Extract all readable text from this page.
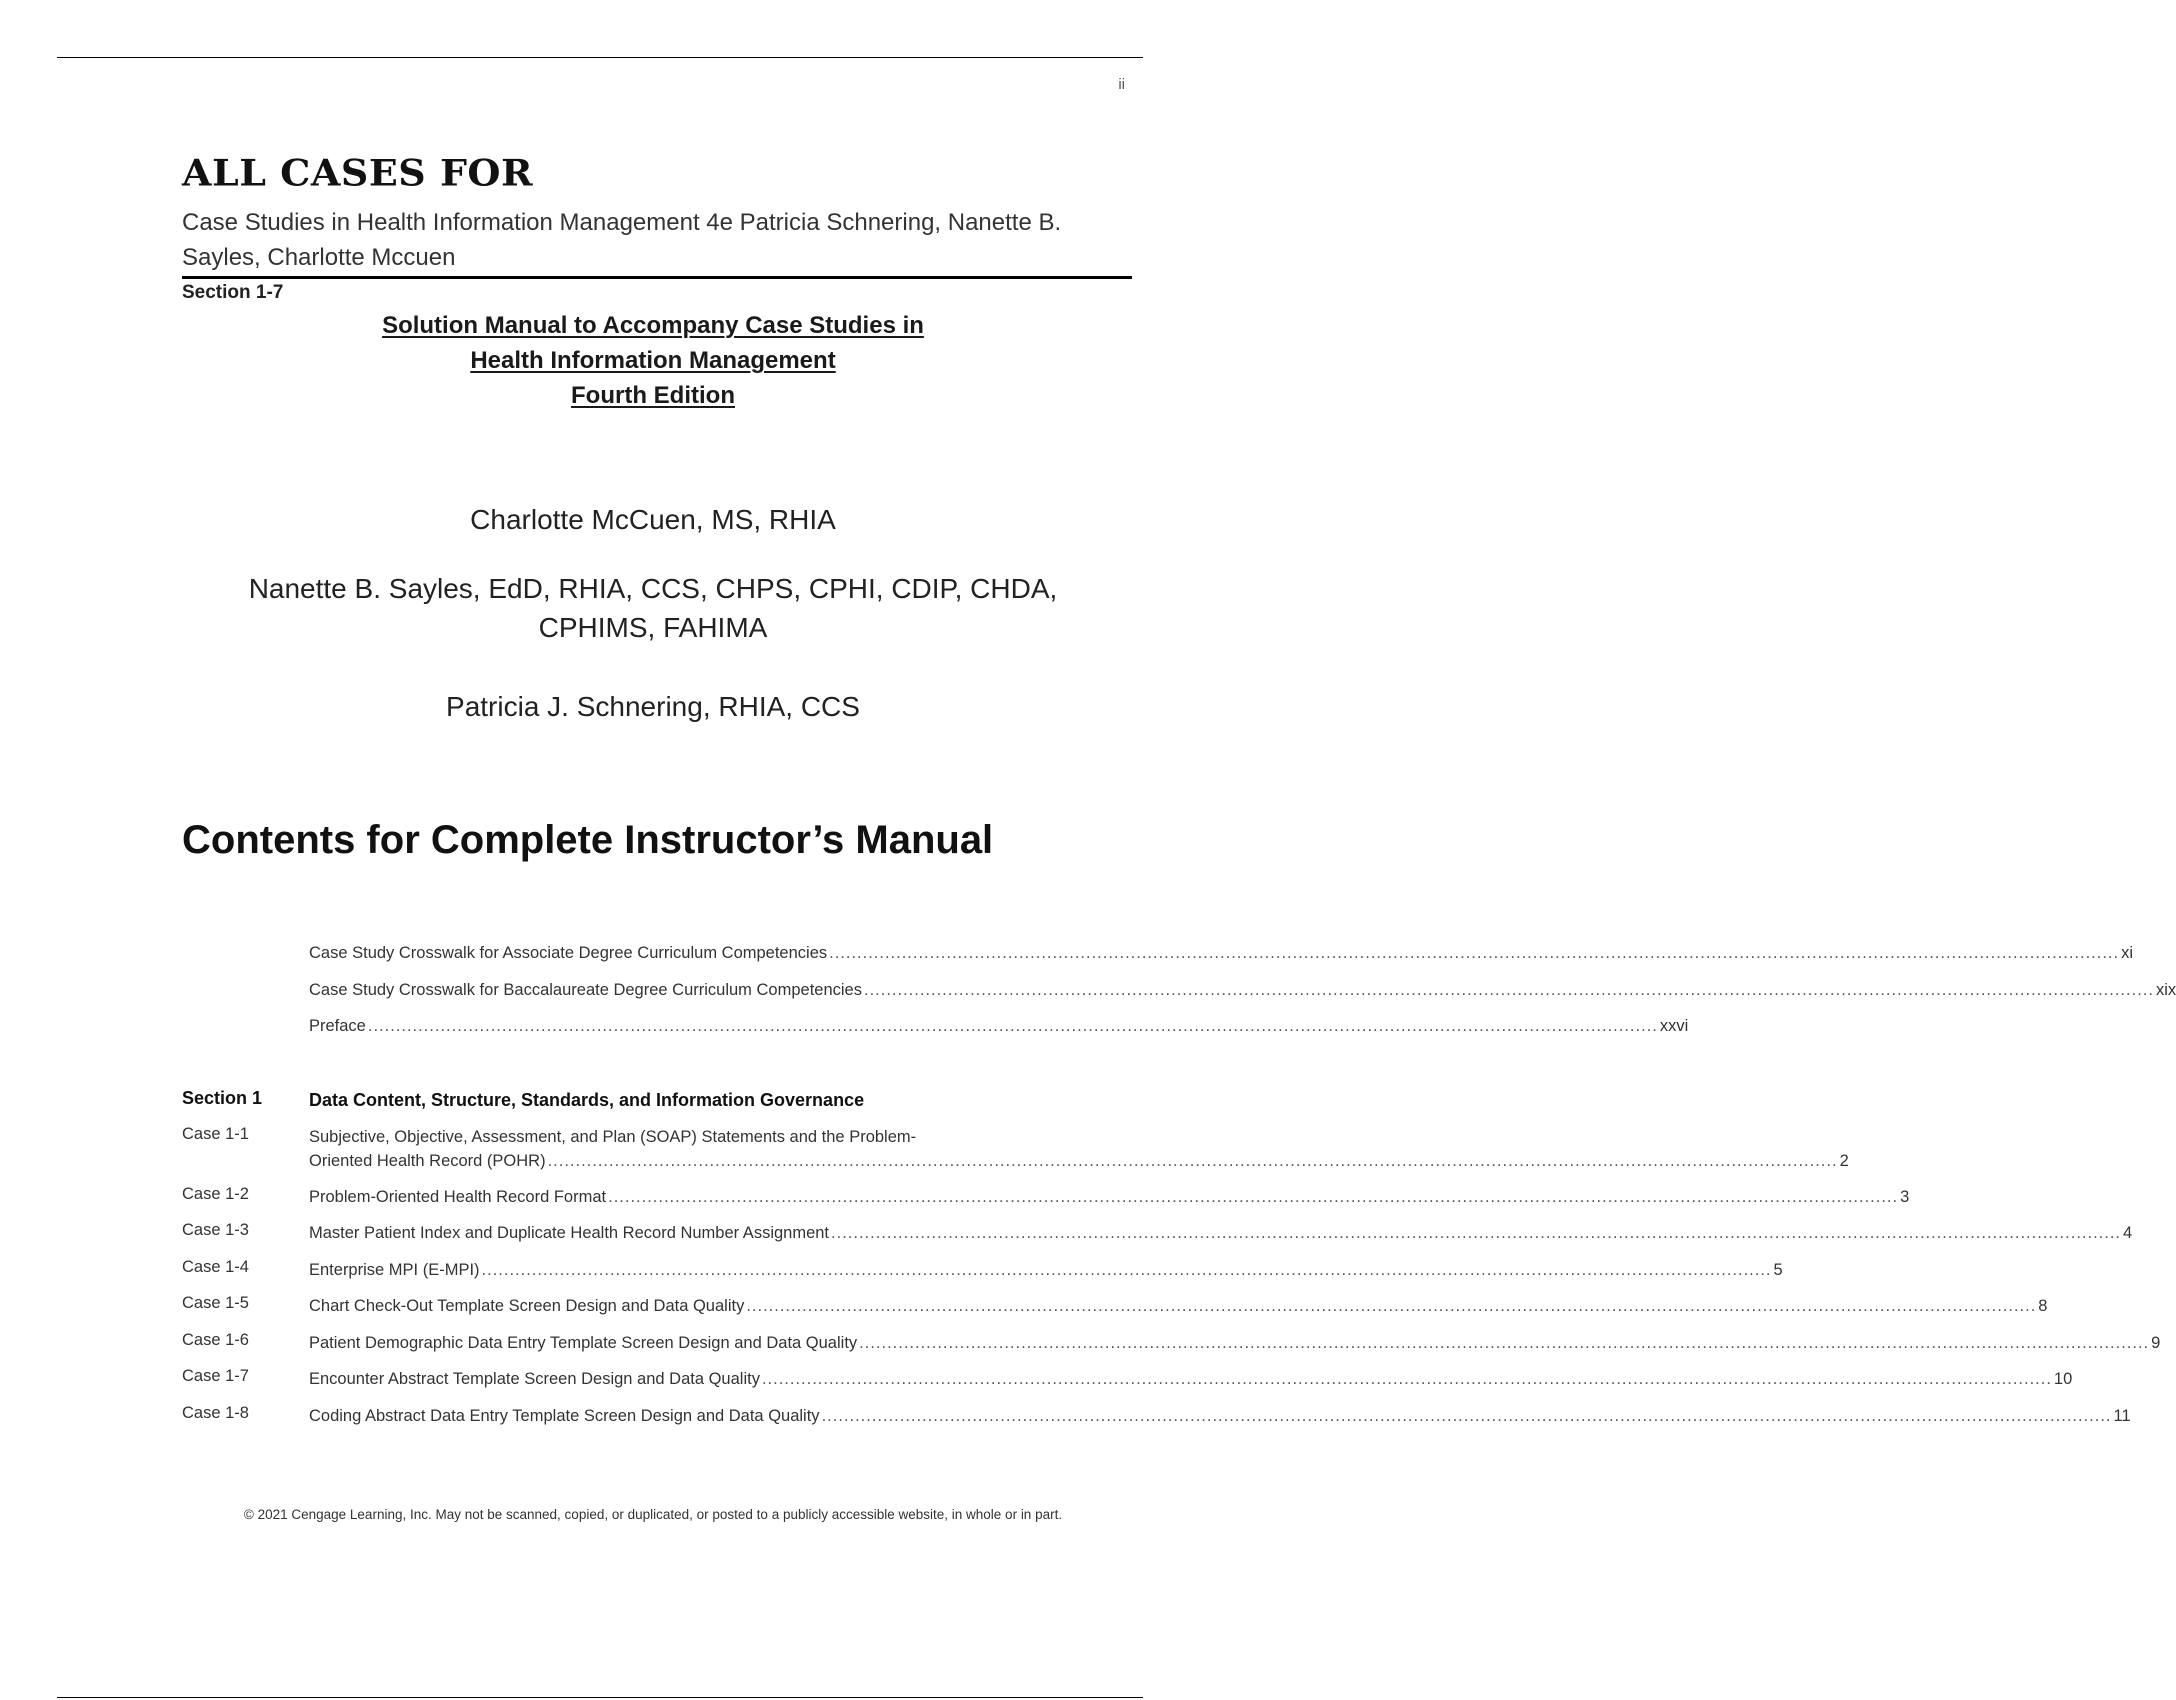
ii
ALL CASES FOR
Case Studies in Health Information Management 4e Patricia Schnering, Nanette B. Sayles, Charlotte Mccuen
Section 1-7
Solution Manual to Accompany Case Studies in
Health Information Management
Fourth Edition
Charlotte McCuen, MS, RHIA
Nanette B. Sayles, EdD, RHIA, CCS, CHPS, CPHI, CDIP, CHDA, CPHIMS, FAHIMA
Patricia J. Schnering, RHIA, CCS
Contents for Complete Instructor’s Manual
Case Study Crosswalk for Associate Degree Curriculum Competencies .....	xi
Case Study Crosswalk for Baccalaureate Degree Curriculum Competencies .....	xix
Preface .....	xxvi
Section 1	Data Content, Structure, Standards, and Information Governance
Case 1-1	Subjective, Objective, Assessment, and Plan (SOAP) Statements and the Problem-
Oriented Health Record (POHR) .....	2
Case 1-2	Problem-Oriented Health Record Format .....	3
Case 1-3	Master Patient Index and Duplicate Health Record Number Assignment .....	4
Case 1-4	Enterprise MPI (E-MPI) .....	5
Case 1-5	Chart Check-Out Template Screen Design and Data Quality .....	8
Case 1-6	Patient Demographic Data Entry Template Screen Design and Data Quality .....	9
Case 1-7	Encounter Abstract Template Screen Design and Data Quality .....	10
Case 1-8	Coding Abstract Data Entry Template Screen Design and Data Quality .....	11
© 2021 Cengage Learning, Inc. May not be scanned, copied, or duplicated, or posted to a publicly accessible website, in whole or in part.
